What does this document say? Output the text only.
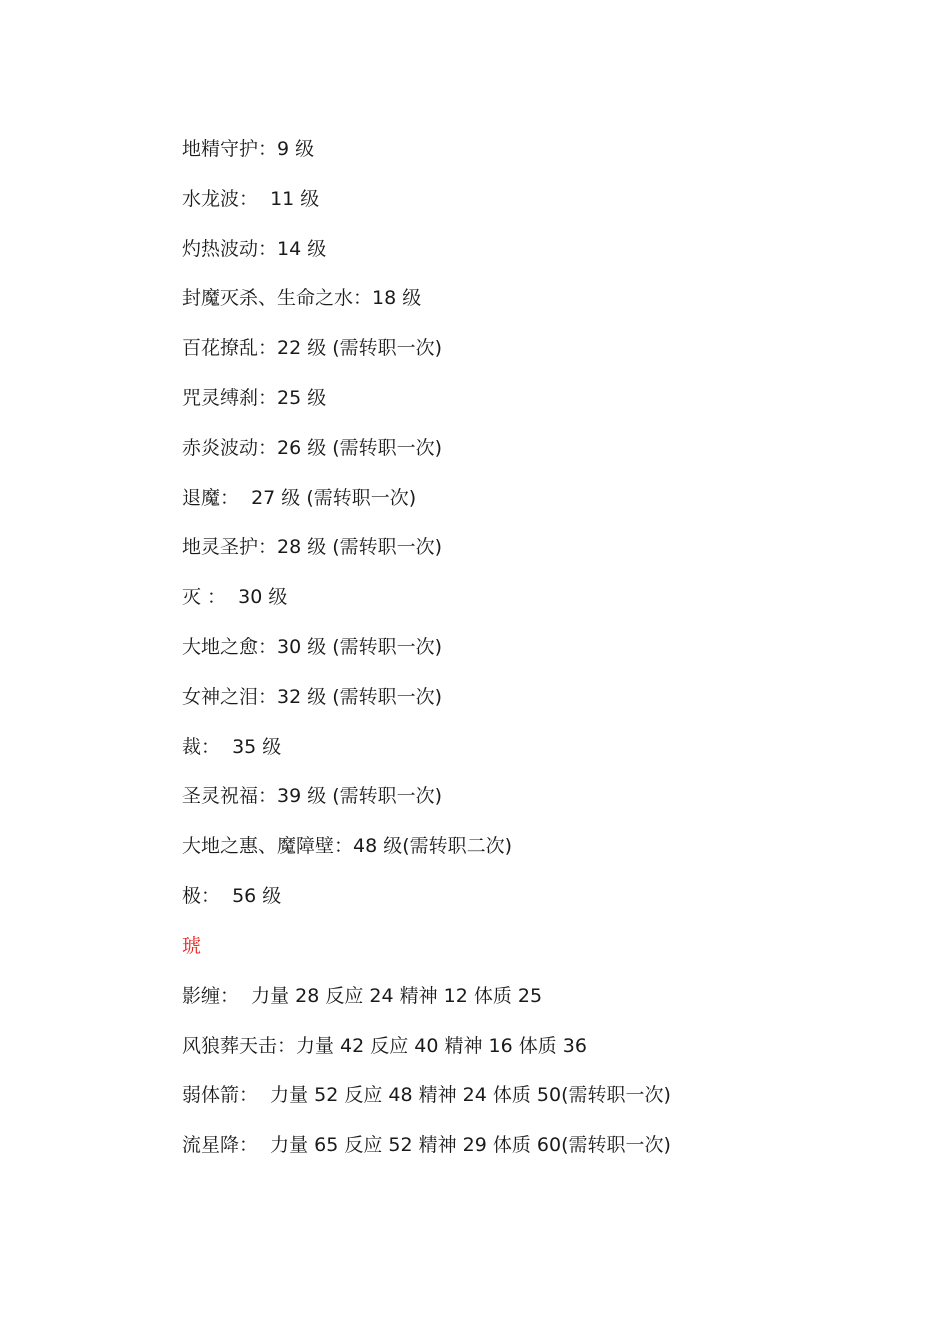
地精守护：9 级
水龙波：  11 级
灼热波动：14 级
封魔灭杀、生命之水：18 级
百花撩乱：22 级 (需转职一次)
咒灵缚刹：25 级
赤炎波动：26 级 (需转职一次)
退魔：  27 级 (需转职一次)
地灵圣护：28 级 (需转职一次)
灭 ：  30 级
大地之愈：30 级 (需转职一次)
女神之泪：32 级 (需转职一次)
裁：  35 级
圣灵祝福：39 级 (需转职一次)
大地之惠、魔障壁：48 级(需转职二次)
极：  56 级
琥
影缠：  力量 28 反应 24 精神 12 体质 25
风狼葬天击：力量 42 反应 40 精神 16 体质 36
弱体箭：  力量 52 反应 48 精神 24 体质 50(需转职一次)
流星降：  力量 65 反应 52 精神 29 体质 60(需转职一次)
